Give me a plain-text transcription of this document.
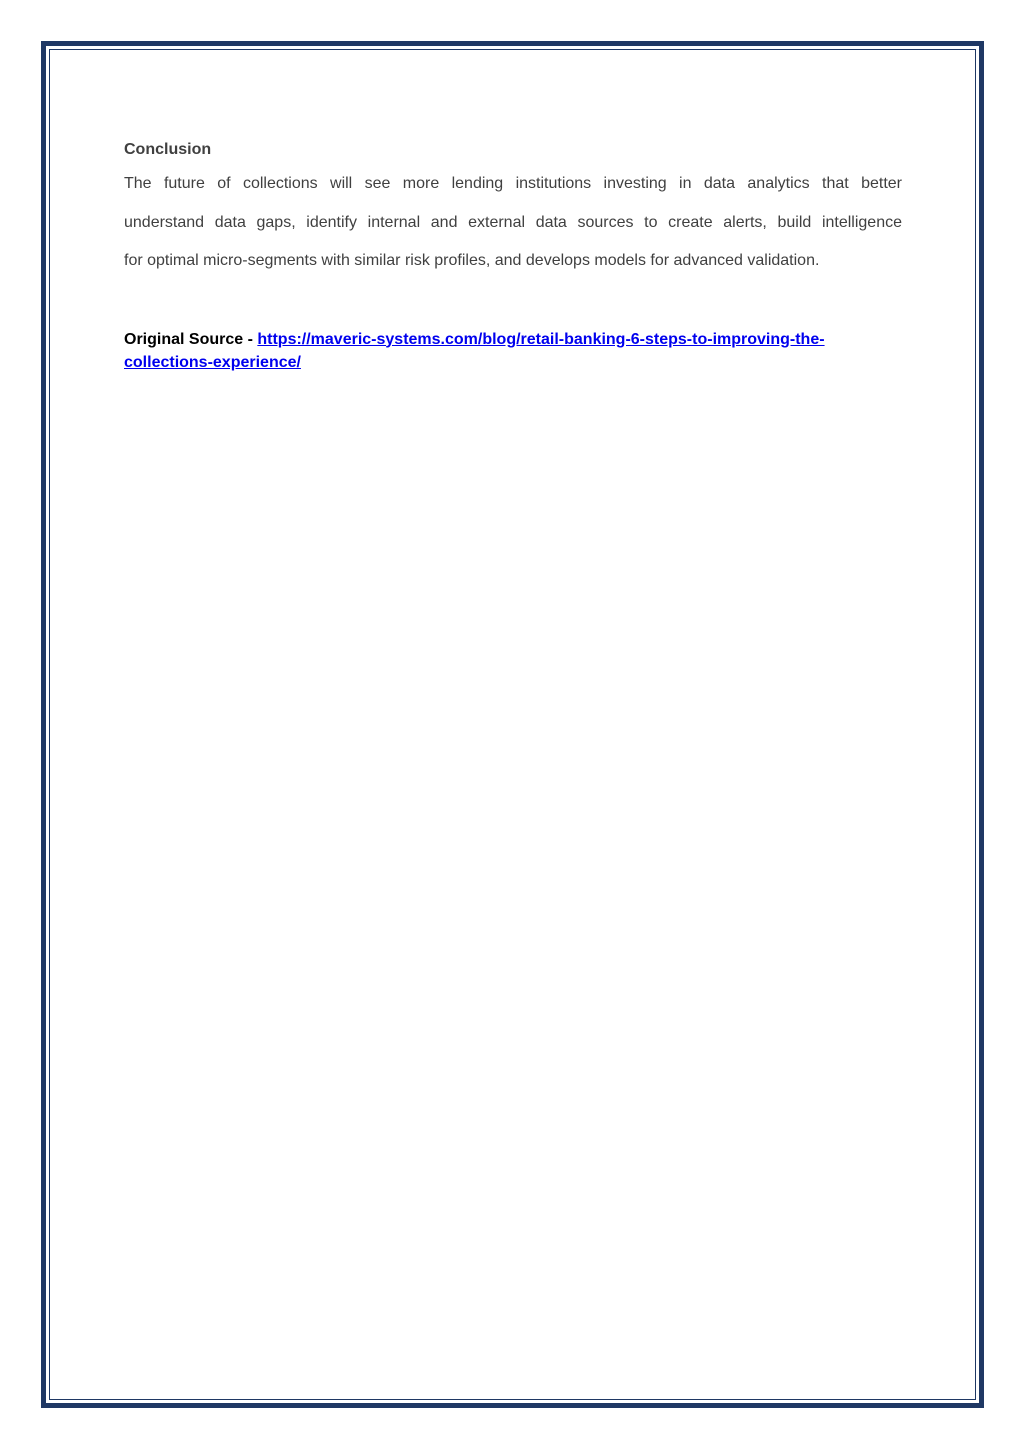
Conclusion

The future of collections will see more lending institutions investing in data analytics that better
understand data gaps, identify internal and external data sources to create alerts, build intelligence
for optimal micro-segments with similar risk profiles, and develops models for advanced validation.

Original Source - https://maveric-systems.com/blog/retail-banking-6-steps-to-improving-the-
collections-experience/
